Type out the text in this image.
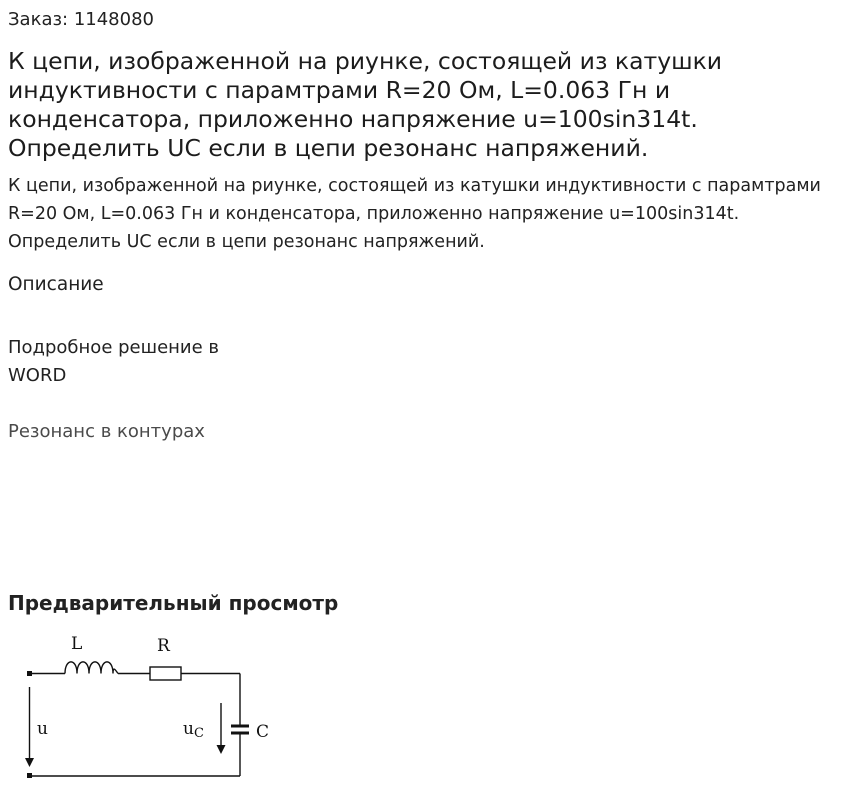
Заказ: 1148080
К цепи, изображенной на риунке, состоящей из катушки индуктивности с парамтрами R=20 Ом, L=0.063 Гн и конденсатора, приложенно напряжение u=100sin314t. Определить UC если в цепи резонанс напряжений.
К цепи, изображенной на риунке, состоящей из катушки индуктивности с парамтрами R=20 Ом, L=0.063 Гн и конденсатора, приложенно напряжение u=100sin314t. Определить UC если в цепи резонанс напряжений.
Описание
Подробное решение в
WORD
Резонанс в контурах
Предварительный просмотр
L	R
u	uC	C
